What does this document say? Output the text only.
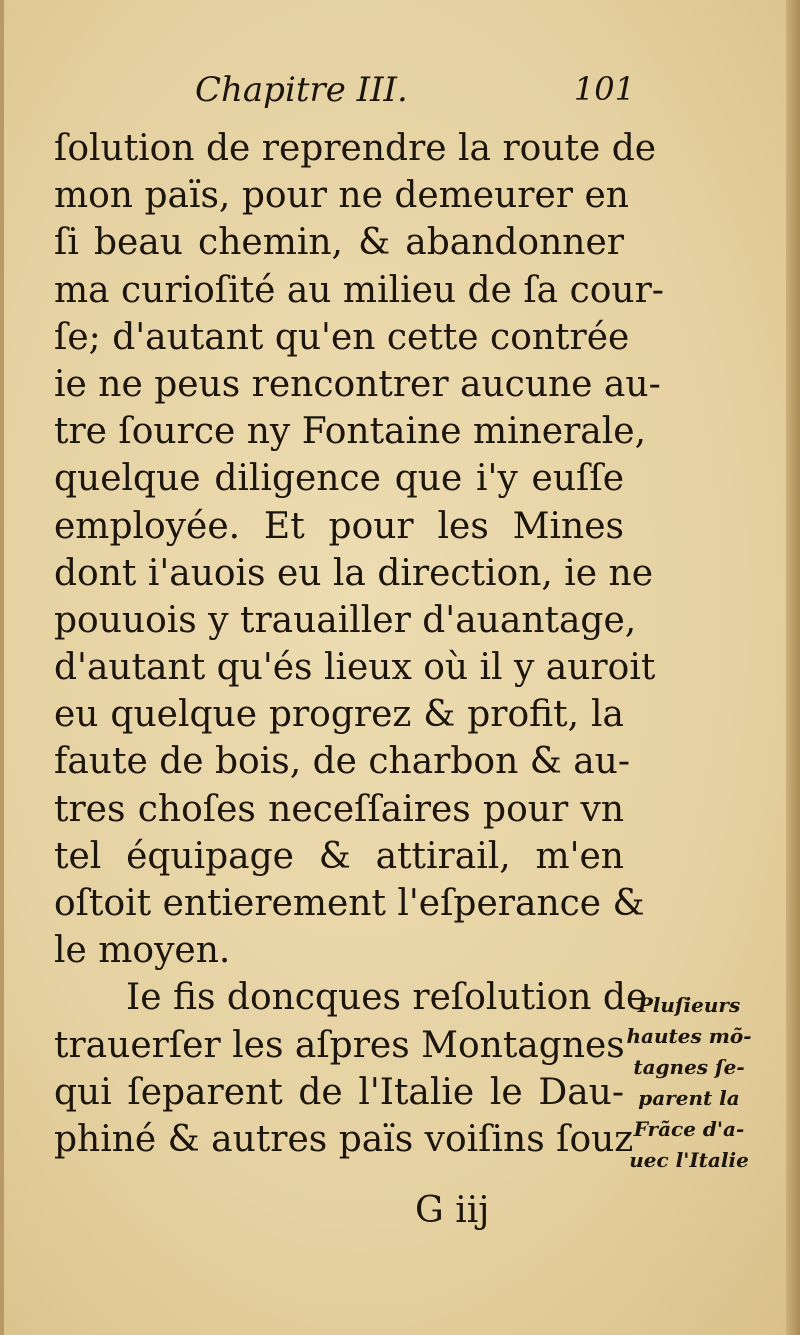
Chapitre III.	101
ſolution de reprendre la route de
mon païs, pour ne demeurer en
ſi beau chemin, & abandonner
ma curioſité au milieu de ſa cour-
ſe; d'autant qu'en cette contrée
ie ne peus rencontrer aucune au-
tre ſource ny Fontaine minerale,
quelque diligence que i'y euſſe
employée. Et pour les Mines
dont i'auois eu la direction, ie ne
pouuois y trauailler d'auantage,
d'autant qu'és lieux où il y auroit
eu quelque progrez & profit, la
faute de bois, de charbon & au-
tres choſes neceſſaires pour vn
tel équipage & attirail, m'en
oſtoit entierement l'eſperance &
le moyen.
Ie fis doncques reſolution de
trauerſer les aſpres Montagnes
qui ſeparent de l'Italie le Dau-
phiné & autres païs voiſins ſouz
Pluſieurs
hautes mõ-
tagnes ſe-
parent la
Frãce d'a-
uec l'Italie
G iij
